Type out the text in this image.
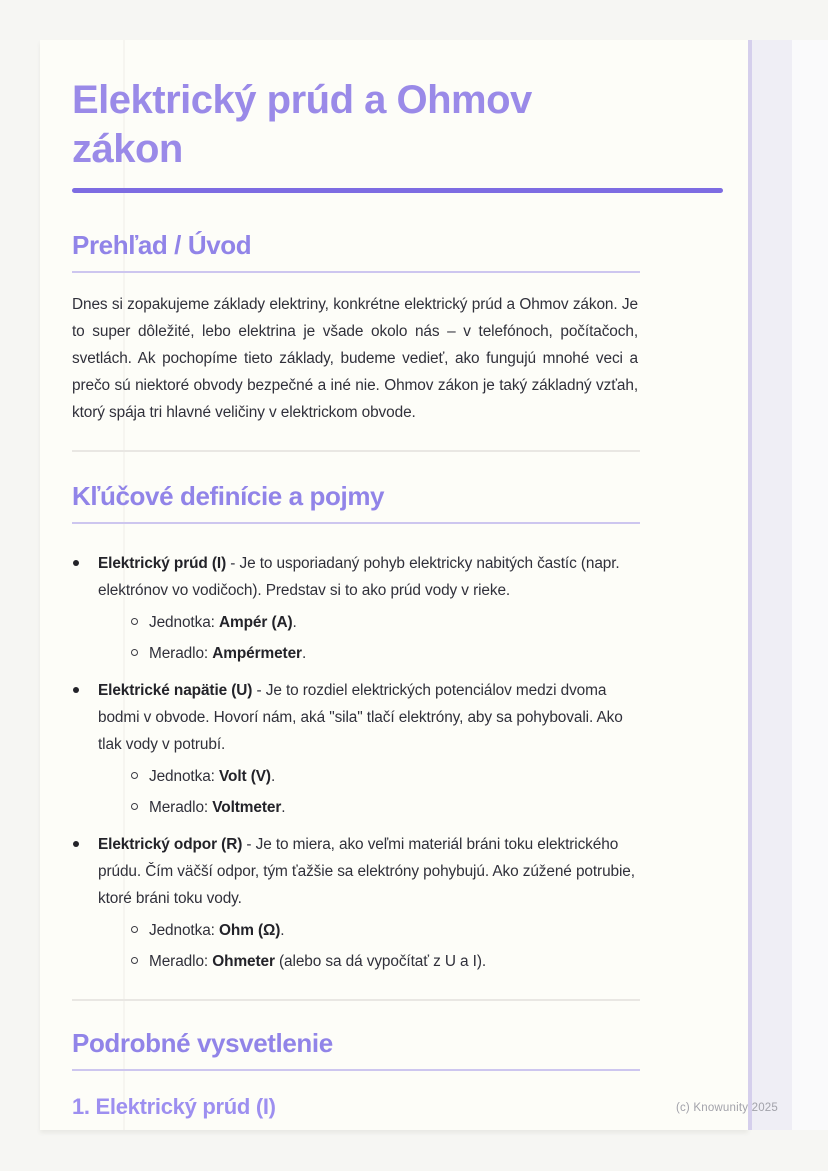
Elektrický prúd a Ohmov zákon
Prehľad / Úvod

Dnes si zopakujeme základy elektriny, konkrétne elektrický prúd a Ohmov zákon. Je to super dôležité, lebo elektrina je všade okolo nás – v telefónoch, počítačoch, svetlách. Ak pochopíme tieto základy, budeme vedieť, ako fungujú mnohé veci a prečo sú niektoré obvody bezpečné a iné nie. Ohmov zákon je taký základný vzťah, ktorý spája tri hlavné veličiny v elektrickom obvode.

Kľúčové definície a pojmy
Elektrický prúd (I) - Je to usporiadaný pohyb elektricky nabitých častíc (napr. elektrónov vo vodičoch). Predstav si to ako prúd vody v rieke.
Jednotka: Ampér (A).
Meradlo: Ampérmeter.
Elektrické napätie (U) - Je to rozdiel elektrických potenciálov medzi dvoma bodmi v obvode. Hovorí nám, aká "sila" tlačí elektróny, aby sa pohybovali. Ako tlak vody v potrubí.
Jednotka: Volt (V).
Meradlo: Voltmeter.
Elektrický odpor (R) - Je to miera, ako veľmi materiál bráni toku elektrického prúdu. Čím väčší odpor, tým ťažšie sa elektróny pohybujú. Ako zúžené potrubie, ktoré bráni toku vody.
Jednotka: Ohm (Ω).
Meradlo: Ohmeter (alebo sa dá vypočítať z U a I).
Podrobné vysvetlenie
1. Elektrický prúd (I)	(c) Knowunity 2025
